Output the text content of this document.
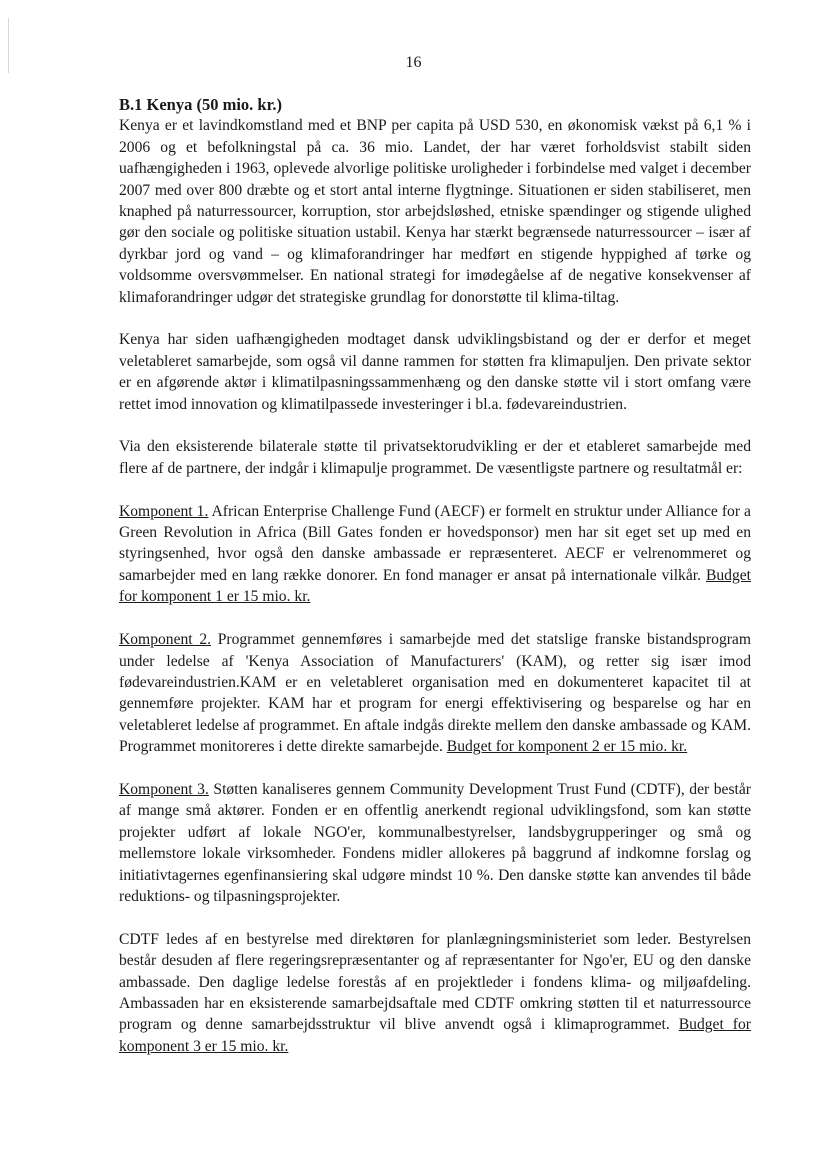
16
B.1 Kenya (50 mio. kr.)

Kenya er et lavindkomstland med et BNP per capita på USD 530, en økonomisk vækst på 6,1 % i 2006 og et befolkningstal på ca. 36 mio. Landet, der har været forholdsvist stabilt siden uafhængigheden i 1963, oplevede alvorlige politiske uroligheder i forbindelse med valget i december 2007 med over 800 dræbte og et stort antal interne flygtninge. Situationen er siden stabiliseret, men knaphed på naturressourcer, korruption, stor arbejdsløshed, etniske spændinger og stigende ulighed gør den sociale og politiske situation ustabil. Kenya har stærkt begrænsede naturressourcer – især af dyrkbar jord og vand – og klimaforandringer har medført en stigende hyppighed af tørke og voldsomme oversvømmelser. En national strategi for imødegåelse af de negative konsekvenser af klimaforandringer udgør det strategiske grundlag for donorstøtte til klima-tiltag.

Kenya har siden uafhængigheden modtaget dansk udviklingsbistand og der er derfor et meget veletableret samarbejde, som også vil danne rammen for støtten fra klimapuljen. Den private sektor er en afgørende aktør i klimatilpasningssammenhæng og den danske støtte vil i stort omfang være rettet imod innovation og klimatilpassede investeringer i bl.a. fødevareindustrien.

Via den eksisterende bilaterale støtte til privatsektorudvikling er der et etableret samarbejde med flere af de partnere, der indgår i klimapulje programmet. De væsentligste partnere og resultatmål er:

Komponent 1. African Enterprise Challenge Fund (AECF) er formelt en struktur under Alliance for a Green Revolution in Africa (Bill Gates fonden er hovedsponsor) men har sit eget set up med en styringsenhed, hvor også den danske ambassade er repræsenteret. AECF er velrenommeret og samarbejder med en lang række donorer. En fond manager er ansat på internationale vilkår. Budget for komponent 1 er 15 mio. kr.

Komponent 2. Programmet gennemføres i samarbejde med det statslige franske bistandsprogram under ledelse af 'Kenya Association of Manufacturers' (KAM), og retter sig især imod fødevareindustrien.KAM er en veletableret organisation med en dokumenteret kapacitet til at gennemføre projekter. KAM har et program for energi effektivisering og besparelse og har en veletableret ledelse af programmet. En aftale indgås direkte mellem den danske ambassade og KAM. Programmet monitoreres i dette direkte samarbejde. Budget for komponent 2 er 15 mio. kr.

Komponent 3. Støtten kanaliseres gennem Community Development Trust Fund (CDTF), der består af mange små aktører. Fonden er en offentlig anerkendt regional udviklingsfond, som kan støtte projekter udført af lokale NGO'er, kommunalbestyrelser, landsbygrupperinger og små og mellemstore lokale virksomheder. Fondens midler allokeres på baggrund af indkomne forslag og initiativtagernes egenfinansiering skal udgøre mindst 10 %. Den danske støtte kan anvendes til både reduktions- og tilpasningsprojekter.

CDTF ledes af en bestyrelse med direktøren for planlægningsministeriet som leder. Bestyrelsen består desuden af flere regeringsrepræsentanter og af repræsentanter for Ngo'er, EU og den danske ambassade. Den daglige ledelse forestås af en projektleder i fondens klima- og miljøafdeling. Ambassaden har en eksisterende samarbejdsaftale med CDTF omkring støtten til et naturressource program og denne samarbejdsstruktur vil blive anvendt også i klimaprogrammet. Budget for komponent 3 er 15 mio. kr.
